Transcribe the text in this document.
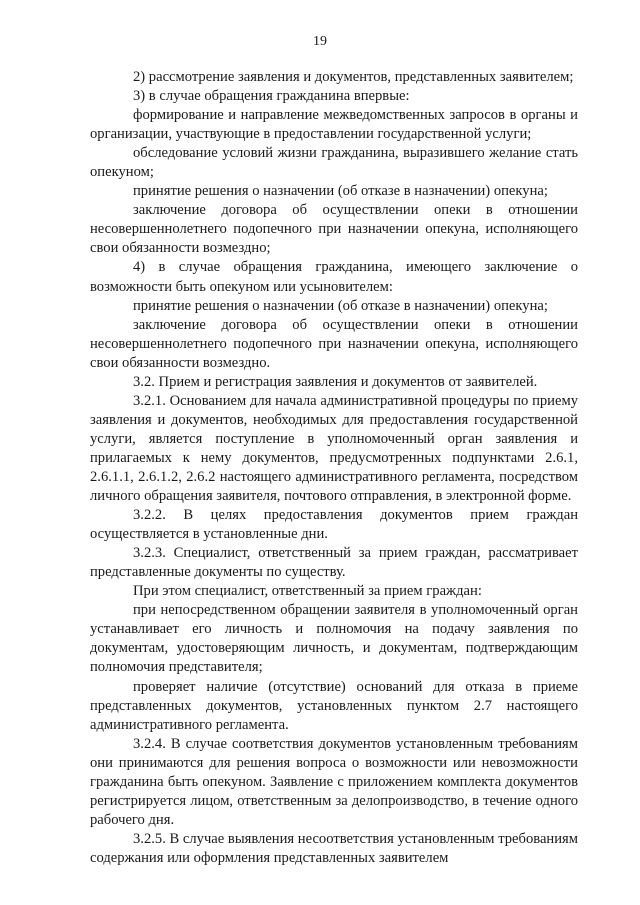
19

2) рассмотрение заявления и документов, представленных заявителем;

3) в случае обращения гражданина впервые:

формирование и направление межведомственных запросов в органы и организации, участвующие в предоставлении государственной услуги;

обследование условий жизни гражданина, выразившего желание стать опекуном;

принятие решения о назначении (об отказе в назначении) опекуна;

заключение договора об осуществлении опеки в отношении несовершеннолетнего подопечного при назначении опекуна, исполняющего свои обязанности возмездно;

4) в случае обращения гражданина, имеющего заключение о возможности быть опекуном или усыновителем:

принятие решения о назначении (об отказе в назначении) опекуна;

заключение договора об осуществлении опеки в отношении несовершеннолетнего подопечного при назначении опекуна, исполняющего свои обязанности возмездно.

3.2. Прием и регистрация заявления и документов от заявителей.

3.2.1. Основанием для начала административной процедуры по приему заявления и документов, необходимых для предоставления государственной услуги, является поступление в уполномоченный орган заявления и прилагаемых к нему документов, предусмотренных подпунктами 2.6.1, 2.6.1.1, 2.6.1.2, 2.6.2 настоящего административного регламента, посредством личного обращения заявителя, почтового отправления, в электронной форме.

3.2.2. В целях предоставления документов прием граждан осуществляется в установленные дни.

3.2.3. Специалист, ответственный за прием граждан, рассматривает представленные документы по существу.

При этом специалист, ответственный за прием граждан:

при непосредственном обращении заявителя в уполномоченный орган устанавливает его личность и полномочия на подачу заявления по документам, удостоверяющим личность, и документам, подтверждающим полномочия представителя;

проверяет наличие (отсутствие) оснований для отказа в приеме представленных документов, установленных пунктом 2.7 настоящего административного регламента.

3.2.4. В случае соответствия документов установленным требованиям они принимаются для решения вопроса о возможности или невозможности гражданина быть опекуном. Заявление с приложением комплекта документов регистрируется лицом, ответственным за делопроизводство, в течение одного рабочего дня.

3.2.5. В случае выявления несоответствия установленным требованиям содержания или оформления представленных заявителем
